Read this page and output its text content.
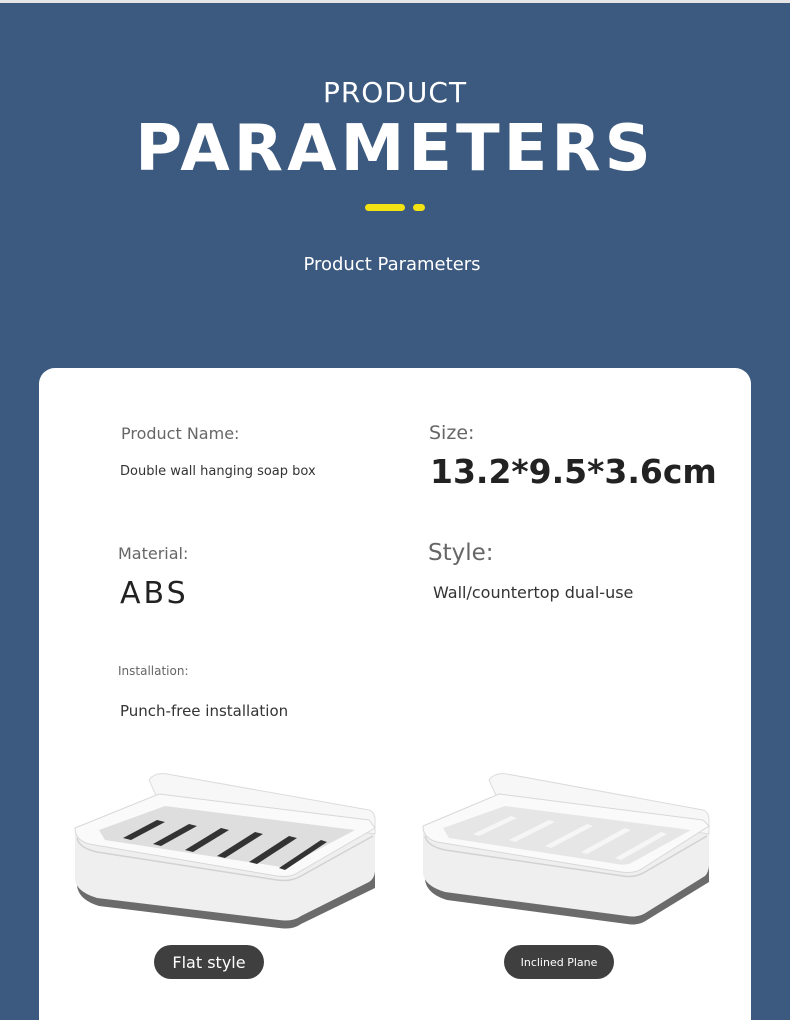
PRODUCT
PARAMETERS
Product Parameters
Product Name:
Double wall hanging soap box
Size:
13.2*9.5*3.6cm
Material:
ABS
Style:
Wall/countertop dual-use
Installation:
Punch-free installation
Flat style	Inclined Plane
